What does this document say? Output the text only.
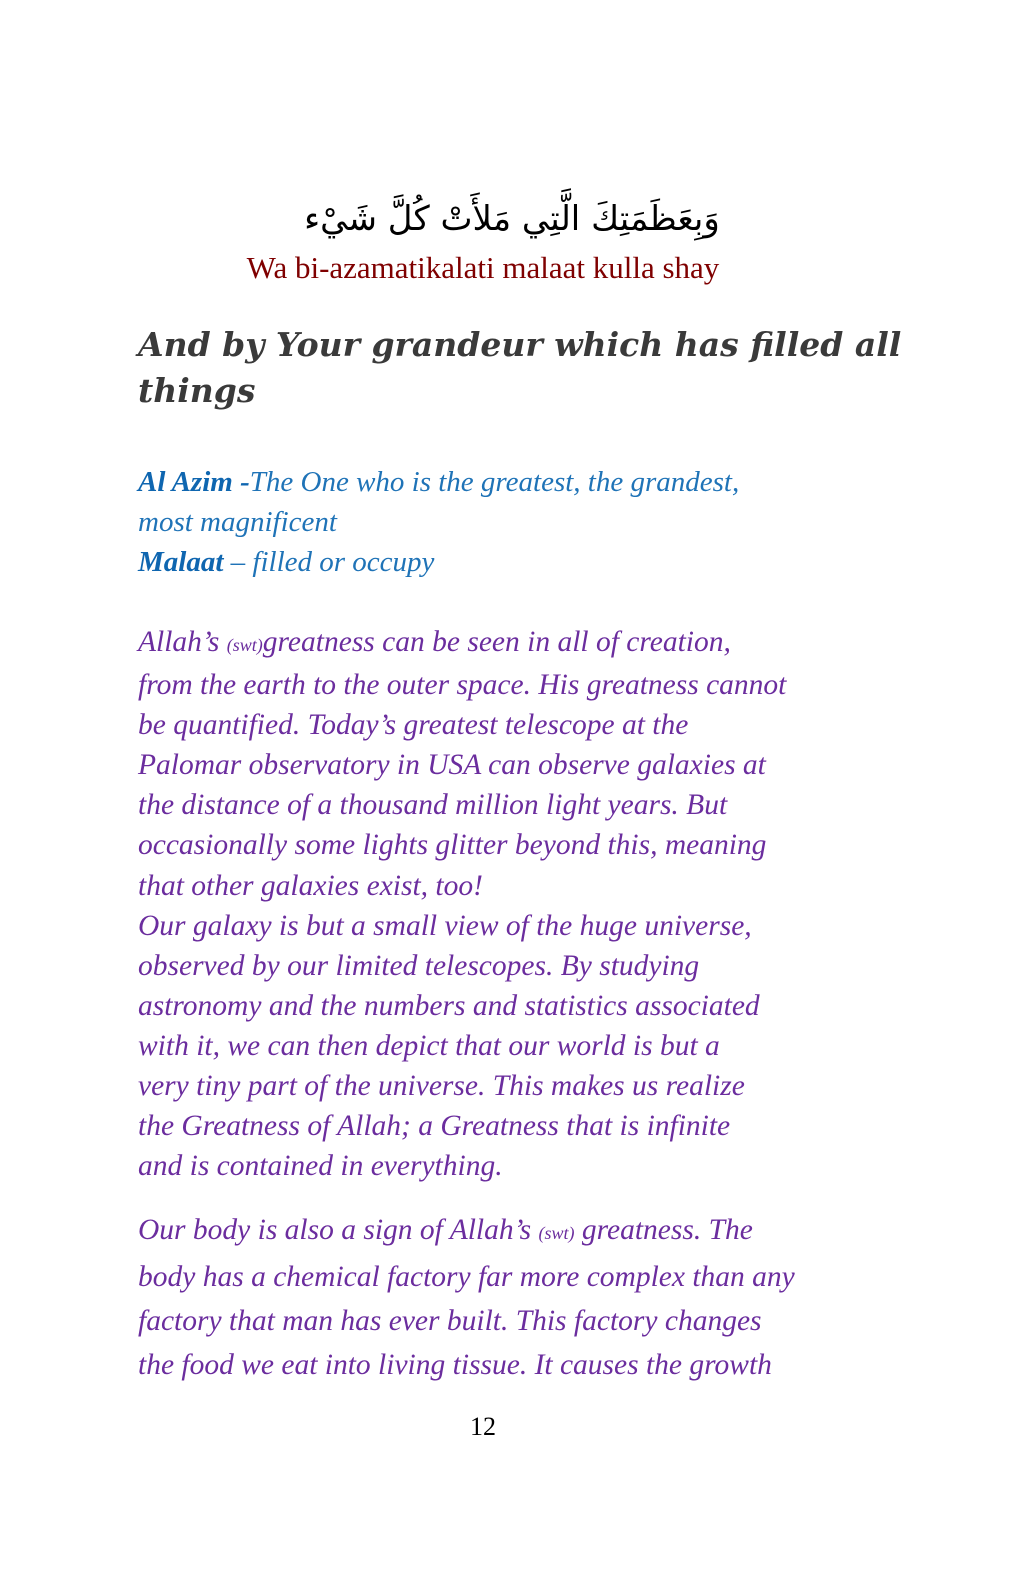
وَبِعَظَمَتِكَ الَّتِي مَلأَتْ كُلَّ شَيْء
Wa bi-azamatikalati malaat kulla shay
And by Your grandeur which has filled all
things
Al Azim -The One who is the greatest, the grandest,
most magnificent
Malaat – filled or occupy
Allah’s (swt)greatness can be seen in all of creation,
from the earth to the outer space. His greatness cannot
be quantified. Today’s greatest telescope at the
Palomar observatory in USA can observe galaxies at
the distance of a thousand million light years. But
occasionally some lights glitter beyond this, meaning
that other galaxies exist, too!
Our galaxy is but a small view of the huge universe,
observed by our limited telescopes. By studying
astronomy and the numbers and statistics associated
with it, we can then depict that our world is but a
very tiny part of the universe. This makes us realize
the Greatness of Allah; a Greatness that is infinite
and is contained in everything.
Our body is also a sign of Allah’s (swt) greatness. The
body has a chemical factory far more complex than any
factory that man has ever built. This factory changes
the food we eat into living tissue. It causes the growth
12
